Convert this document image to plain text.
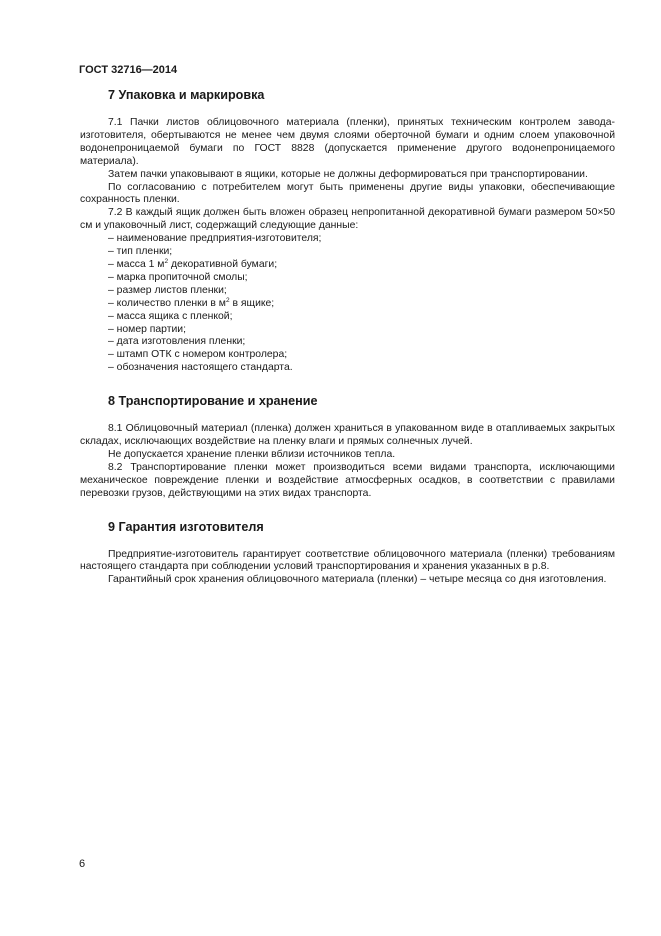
ГОСТ 32716—2014
7 Упаковка и маркировка

7.1 Пачки листов облицовочного материала (пленки), принятых техническим контролем завода-изготовителя, обертываются не менее чем двумя слоями оберточной бумаги и одним слоем упаковочной водонепроницаемой бумаги по ГОСТ 8828 (допускается применение другого водонепроницаемого материала).

Затем пачки упаковывают в ящики, которые не должны деформироваться при транспортировании.

По согласованию с потребителем могут быть применены другие виды упаковки, обеспечивающие сохранность пленки.

7.2 В каждый ящик должен быть вложен образец непропитанной декоративной бумаги размером 50×50 см и упаковочный лист, содержащий следующие данные:

– наименование предприятия-изготовителя;
– тип пленки;
– масса 1 $м^2$ декоративной бумаги;
– марка пропиточной смолы;
– размер листов пленки;
– количество пленки в $м^2$ в ящике;
– масса ящика с пленкой;
– номер партии;
– дата изготовления пленки;
– штамп ОТК с номером контролера;
– обозначения настоящего стандарта.
8 Транспортирование и хранение

8.1 Облицовочный материал (пленка) должен храниться в упакованном виде в отапливаемых закрытых складах, исключающих воздействие на пленку влаги и прямых солнечных лучей.

Не допускается хранение пленки вблизи источников тепла.

8.2 Транспортирование пленки может производиться всеми видами транспорта, исключающими механическое повреждение пленки и воздействие атмосферных осадков, в соответствии с правилами перевозки грузов, действующими на этих видах транспорта.

9 Гарантия изготовителя

Предприятие-изготовитель гарантирует соответствие облицовочного материала (пленки) требованиям настоящего стандарта при соблюдении условий транспортирования и хранения указанных в р.8.

Гарантийный срок хранения облицовочного материала (пленки) – четыре месяца со дня изготовления.

6
